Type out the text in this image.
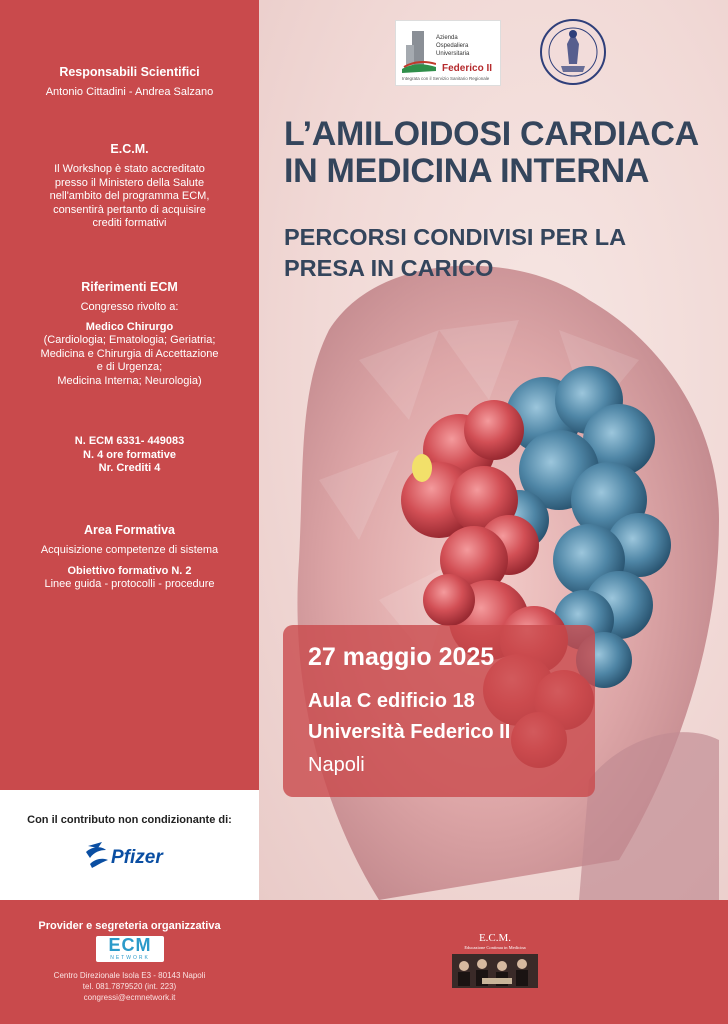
Responsabili Scientifici
Antonio Cittadini - Andrea Salzano
E.C.M.
Il Workshop è stato accreditato
presso il Ministero della Salute
nell'ambito del programma ECM,
consentirà pertanto di acquisire
crediti formativi
Riferimenti ECM
Congresso rivolto a:
Medico Chirurgo
(Cardiologia; Ematologia; Geriatria;
Medicina e Chirurgia di Accettazione
e di Urgenza;
Medicina Interna; Neurologia)
N. ECM 6331- 449083
N. 4 ore formative
Nr. Crediti 4
Area Formativa
Acquisizione competenze di sistema
Obiettivo formativo N. 2
Linee guida - protocolli - procedure
Con il contributo non condizionante di:
Pfizer
Azienda
Ospedaliera
Universitaria
Federico II
Integrata con il Servizio Sanitario Regionale
L’AMILOIDOSI CARDIACA
IN MEDICINA INTERNA
PERCORSI CONDIVISI PER LA
PRESA IN CARICO
27 maggio 2025
Aula C edificio 18
Università Federico II
Napoli
Provider e segreteria organizzativa
ECM
NETWORK
Centro Direzionale Isola E3 - 80143 Napoli
tel. 081.7879520 (int. 223)
congressi@ecmnetwork.it
E.C.M.
Educazione Continua in Medicina
